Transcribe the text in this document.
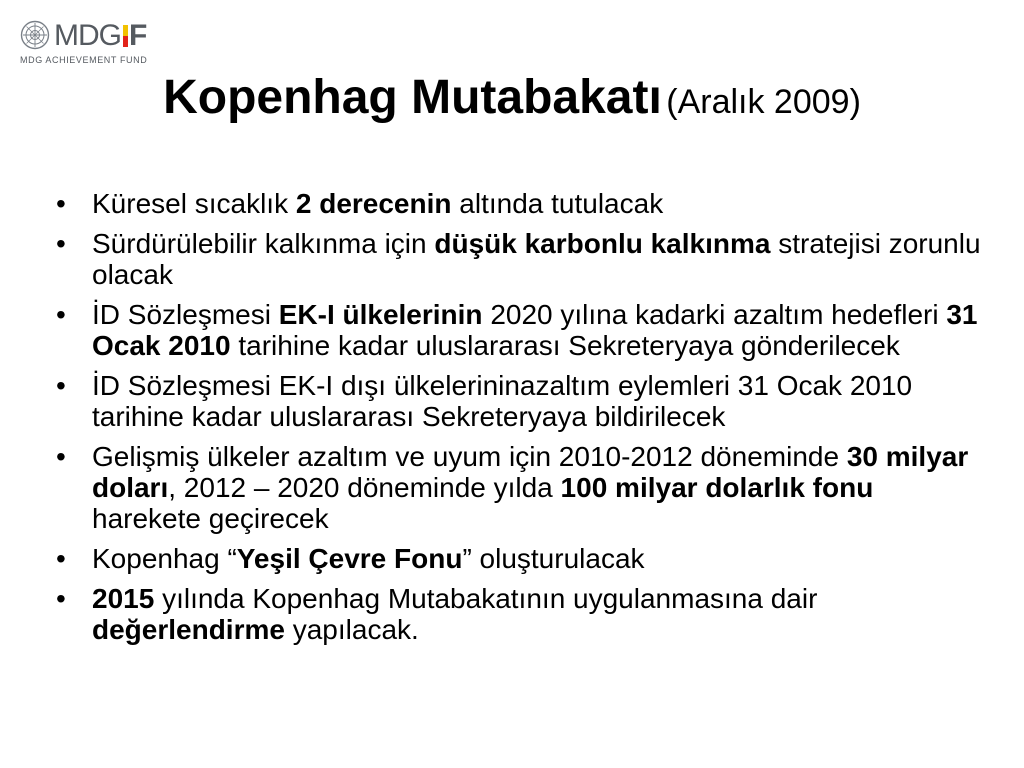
MDG F
MDG ACHIEVEMENT FUND
Kopenhag Mutabakatı (Aralık 2009)
• Küresel sıcaklık 2 derecenin altında tutulacak
• Sürdürülebilir kalkınma için düşük karbonlu kalkınma stratejisi zorunlu olacak
• İD Sözleşmesi EK-I ülkelerinin 2020 yılına kadarki azaltım hedefleri 31 Ocak 2010 tarihine kadar uluslararası Sekreteryaya gönderilecek
• İD Sözleşmesi EK-I dışı ülkelerininazaltım eylemleri 31 Ocak 2010 tarihine kadar uluslararası Sekreteryaya bildirilecek
• Gelişmiş ülkeler azaltım ve uyum için 2010-2012 döneminde 30 milyar doları, 2012 – 2020 döneminde yılda 100 milyar dolarlık fonu harekete geçirecek
• Kopenhag “Yeşil Çevre Fonu” oluşturulacak
• 2015 yılında Kopenhag Mutabakatının uygulanmasına dair değerlendirme yapılacak.
